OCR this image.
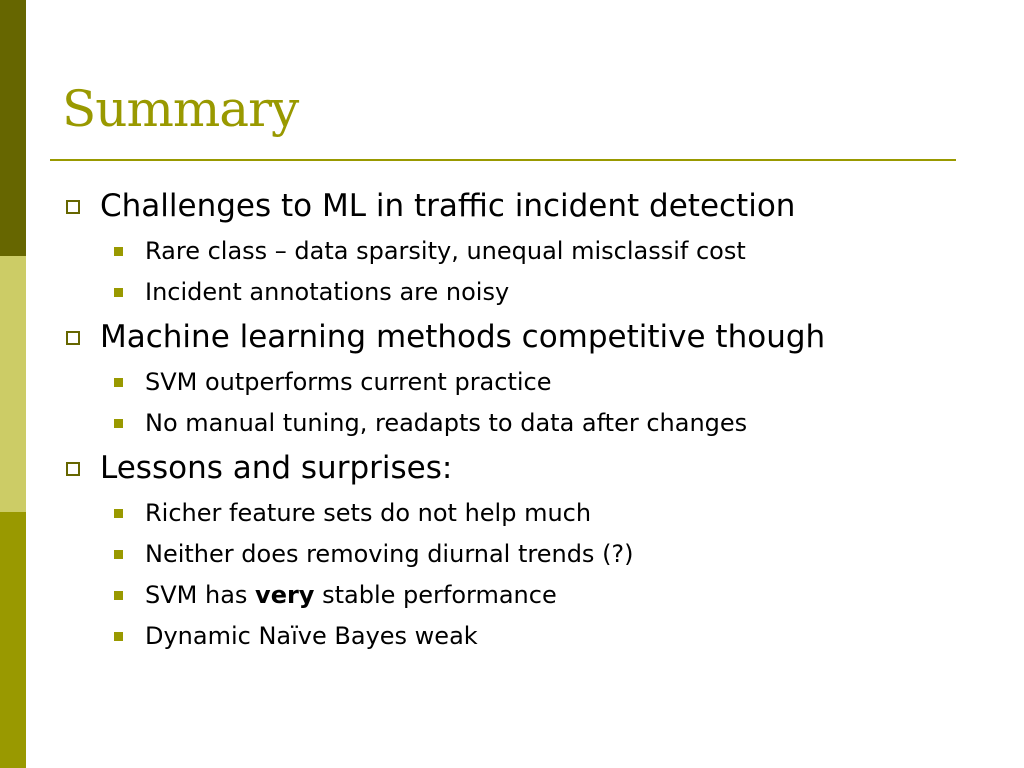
Summary
Challenges to ML in traffic incident detection
Rare class – data sparsity, unequal misclassif cost
Incident annotations are noisy
Machine learning methods competitive though
SVM outperforms current practice
No manual tuning, readapts to data after changes
Lessons and surprises:
Richer feature sets do not help much
Neither does removing diurnal trends (?)
SVM has very stable performance
Dynamic Naïve Bayes weak
